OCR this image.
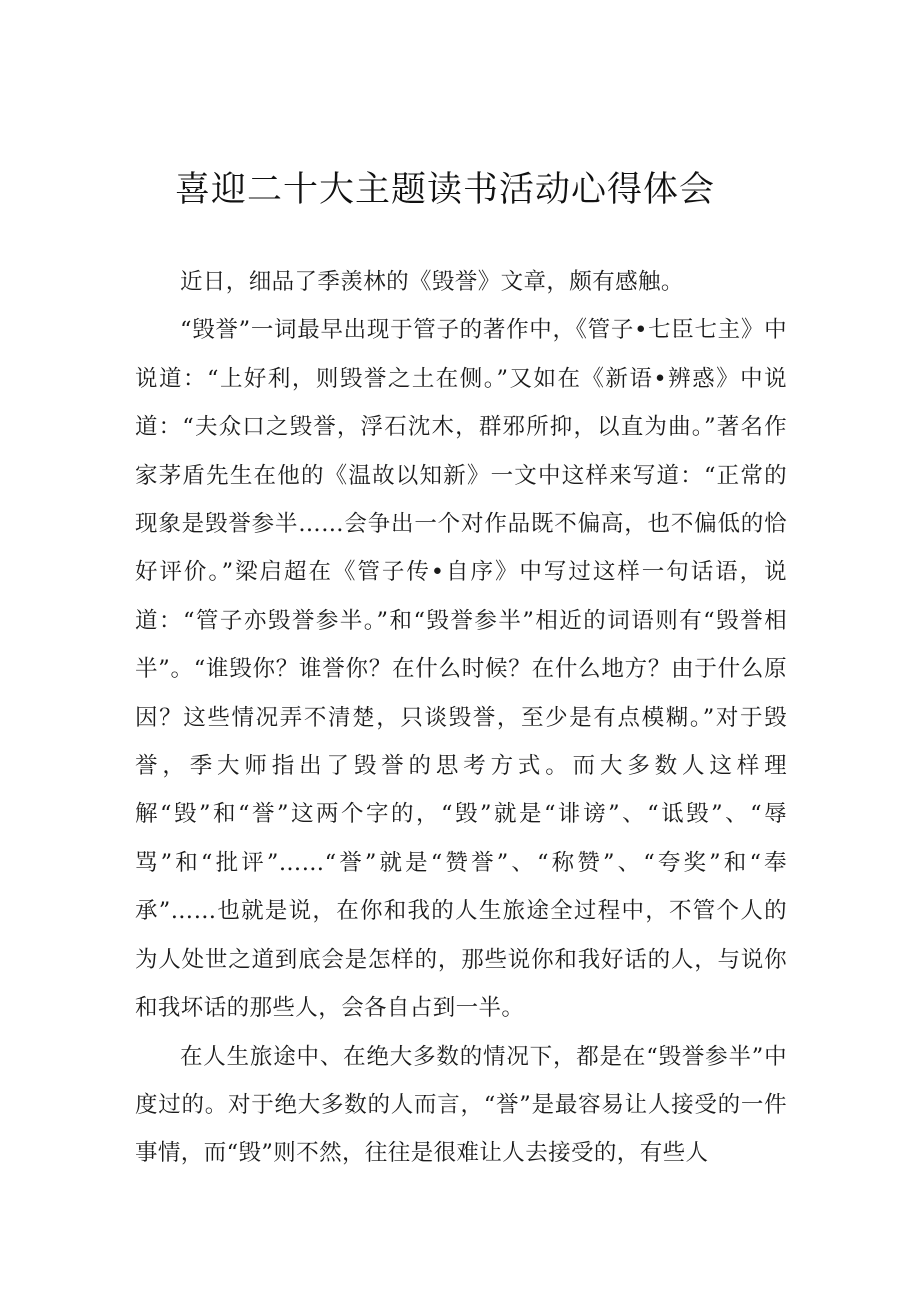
喜迎二十大主题读书活动心得体会

近日，细品了季羡林的《毁誉》文章，颇有感触。

“毁誉”一词最早出现于管子的著作中，《管子•七臣七主》中说道：“上好利，则毁誉之土在侧。”又如在《新语•辨惑》中说道：“夫众口之毁誉，浮石沈木，群邪所抑，以直为曲。”著名作家茅盾先生在他的《温故以知新》一文中这样来写道：“正常的现象是毁誉参半……会争出一个对作品既不偏高，也不偏低的恰好评价。”梁启超在《管子传•自序》中写过这样一句话语，说道：“管子亦毁誉参半。”和“毁誉参半”相近的词语则有“毁誉相半”。“谁毁你？谁誉你？在什么时候？在什么地方？由于什么原因？这些情况弄不清楚，只谈毁誉，至少是有点模糊。”对于毁誉，季大师指出了毁誉的思考方式。而大多数人这样理解“毁”和“誉”这两个字的，“毁”就是“诽谤”、“诋毁”、“辱骂”和“批评”……“誉”就是“赞誉”、“称赞”、“夸奖”和“奉承”……也就是说，在你和我的人生旅途全过程中，不管个人的为人处世之道到底会是怎样的，那些说你和我好话的人，与说你和我坏话的那些人，会各自占到一半。

在人生旅途中、在绝大多数的情况下，都是在“毁誉参半”中度过的。对于绝大多数的人而言，“誉”是最容易让人接受的一件事情，而“毁”则不然，往往是很难让人去接受的，有些人
